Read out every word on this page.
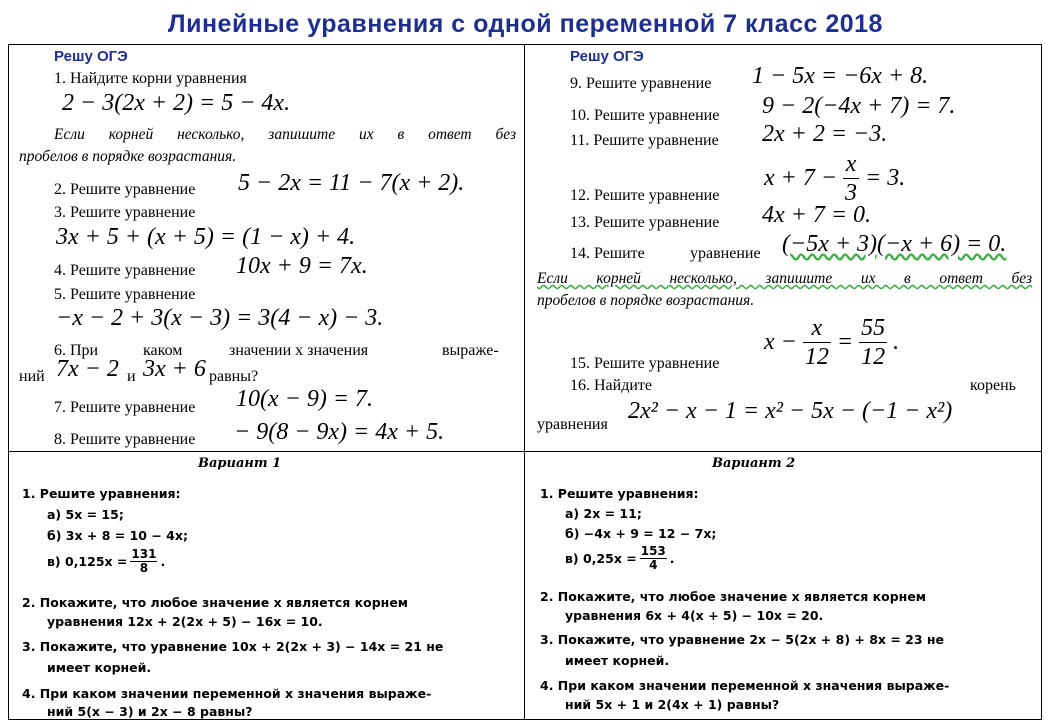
Линейные уравнения с одной переменной 7 класс 2018
Решу ОГЭ
1. Найдите корни уравнения
2 − 3(2x + 2) = 5 − 4x.
Если корней несколько, запишите их в ответ без
пробелов в порядке возрастания.
2. Решите уравнение 5 − 2x = 11 − 7(x + 2).
3. Решите уравнение
3x + 5 + (x + 5) = (1 − x) + 4.
4. Решите уравнение 10x + 9 = 7x.
5. Решите уравнение
−x − 2 + 3(x − 3) = 3(4 − x) − 3.
6. При	каком	значении x значения	выраже-
ний 7x − 2 и 3x + 6 равны?
7. Решите уравнение 10(x − 9) = 7.
8. Решите уравнение − 9(8 − 9x) = 4x + 5.
Решу ОГЭ
9. Решите уравнение 1 − 5x = −6x + 8.
10. Решите уравнение 9 − 2(−4x + 7) = 7.
11. Решите уравнение 2x + 2 = −3.
$x + 7 - \frac{x}{3} = 3$.
12. Решите уравнение
13. Решите уравнение 4x + 7 = 0.
14. Решите	уравнение (−5x + 3)(−x + 6) = 0.
Если корней несколько, запишите их в ответ без
пробелов в порядке возрастания.
$x - \frac{x}{12} = \frac{55}{12}$ .
15. Решите уравнение
16. Найдите	корень
уравнения
2x² − x − 1 = x² − 5x − (−1 − x²)
Вариант 1
1. Решите уравнения:
а) 5x = 15;
б) 3x + 8 = 10 − 4x;
в) $0,125x = \frac{131}{8}$ .
2. Покажите, что любое значение x является корнем
уравнения 12x + 2(2x + 5) − 16x = 10.
3. Покажите, что уравнение 10x + 2(2x + 3) − 14x = 21 не
имеет корней.
4. При каком значении переменной x значения выраже-
ний 5(x − 3) и 2x − 8 равны?
Вариант 2
1. Решите уравнения:
а) 2x = 11;
б) −4x + 9 = 12 − 7x;
в) $0,25x = \frac{153}{4}$ .
2. Покажите, что любое значение x является корнем
уравнения 6x + 4(x + 5) − 10x = 20.
3. Покажите, что уравнение 2x − 5(2x + 8) + 8x = 23 не
имеет корней.
4. При каком значении переменной x значения выраже-
ний 5x + 1 и 2(4x + 1) равны?
